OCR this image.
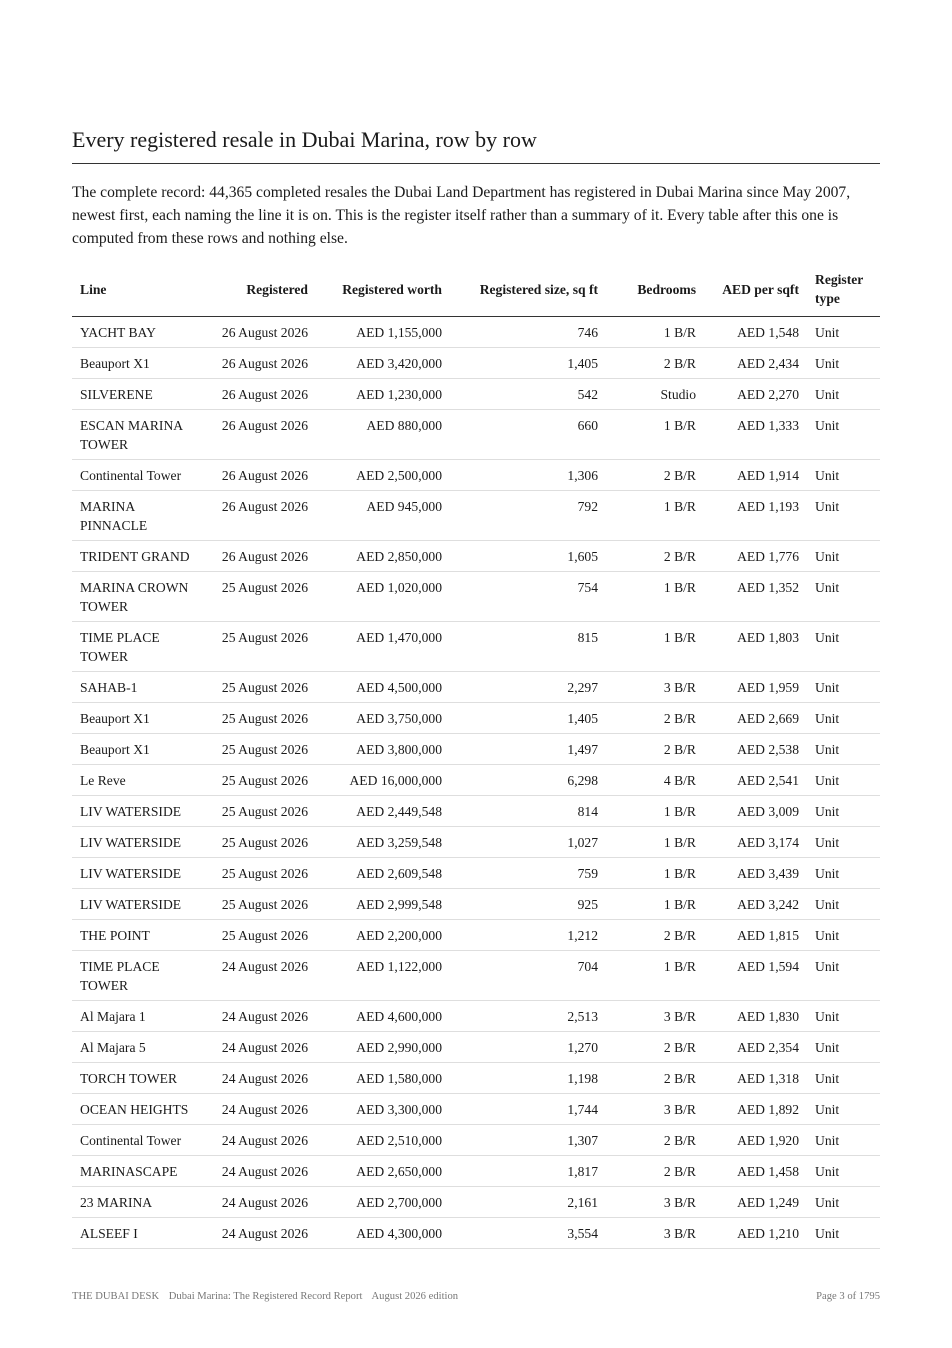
Every registered resale in Dubai Marina, row by row

The complete record: 44,365 completed resales the Dubai Land Department has registered in Dubai Marina since May 2007, newest first, each naming the line it is on. This is the register itself rather than a summary of it. Every table after this one is computed from these rows and nothing else.

Line	Registered	Registered worth	Registered size, sq ft	Bedrooms	AED per sqft	Register type
YACHT BAY	26 August 2026	AED 1,155,000	746	1 B/R	AED 1,548	Unit
Beauport X1	26 August 2026	AED 3,420,000	1,405	2 B/R	AED 2,434	Unit
SILVERENE	26 August 2026	AED 1,230,000	542	Studio	AED 2,270	Unit
ESCAN MARINA TOWER	26 August 2026	AED 880,000	660	1 B/R	AED 1,333	Unit
Continental Tower	26 August 2026	AED 2,500,000	1,306	2 B/R	AED 1,914	Unit
MARINA PINNACLE	26 August 2026	AED 945,000	792	1 B/R	AED 1,193	Unit
TRIDENT GRAND	26 August 2026	AED 2,850,000	1,605	2 B/R	AED 1,776	Unit
MARINA CROWN TOWER	25 August 2026	AED 1,020,000	754	1 B/R	AED 1,352	Unit
TIME PLACE TOWER	25 August 2026	AED 1,470,000	815	1 B/R	AED 1,803	Unit
SAHAB-1	25 August 2026	AED 4,500,000	2,297	3 B/R	AED 1,959	Unit
Beauport X1	25 August 2026	AED 3,750,000	1,405	2 B/R	AED 2,669	Unit
Beauport X1	25 August 2026	AED 3,800,000	1,497	2 B/R	AED 2,538	Unit
Le Reve	25 August 2026	AED 16,000,000	6,298	4 B/R	AED 2,541	Unit
LIV WATERSIDE	25 August 2026	AED 2,449,548	814	1 B/R	AED 3,009	Unit
LIV WATERSIDE	25 August 2026	AED 3,259,548	1,027	1 B/R	AED 3,174	Unit
LIV WATERSIDE	25 August 2026	AED 2,609,548	759	1 B/R	AED 3,439	Unit
LIV WATERSIDE	25 August 2026	AED 2,999,548	925	1 B/R	AED 3,242	Unit
THE POINT	25 August 2026	AED 2,200,000	1,212	2 B/R	AED 1,815	Unit
TIME PLACE TOWER	24 August 2026	AED 1,122,000	704	1 B/R	AED 1,594	Unit
Al Majara 1	24 August 2026	AED 4,600,000	2,513	3 B/R	AED 1,830	Unit
Al Majara 5	24 August 2026	AED 2,990,000	1,270	2 B/R	AED 2,354	Unit
TORCH TOWER	24 August 2026	AED 1,580,000	1,198	2 B/R	AED 1,318	Unit
OCEAN HEIGHTS	24 August 2026	AED 3,300,000	1,744	3 B/R	AED 1,892	Unit
Continental Tower	24 August 2026	AED 2,510,000	1,307	2 B/R	AED 1,920	Unit
MARINASCAPE	24 August 2026	AED 2,650,000	1,817	2 B/R	AED 1,458	Unit
23 MARINA	24 August 2026	AED 2,700,000	2,161	3 B/R	AED 1,249	Unit
ALSEEF I	24 August 2026	AED 4,300,000	3,554	3 B/R	AED 1,210	Unit
THE DUBAI DESK Dubai Marina: The Registered Record Report August 2026 edition	Page 3 of 1795
